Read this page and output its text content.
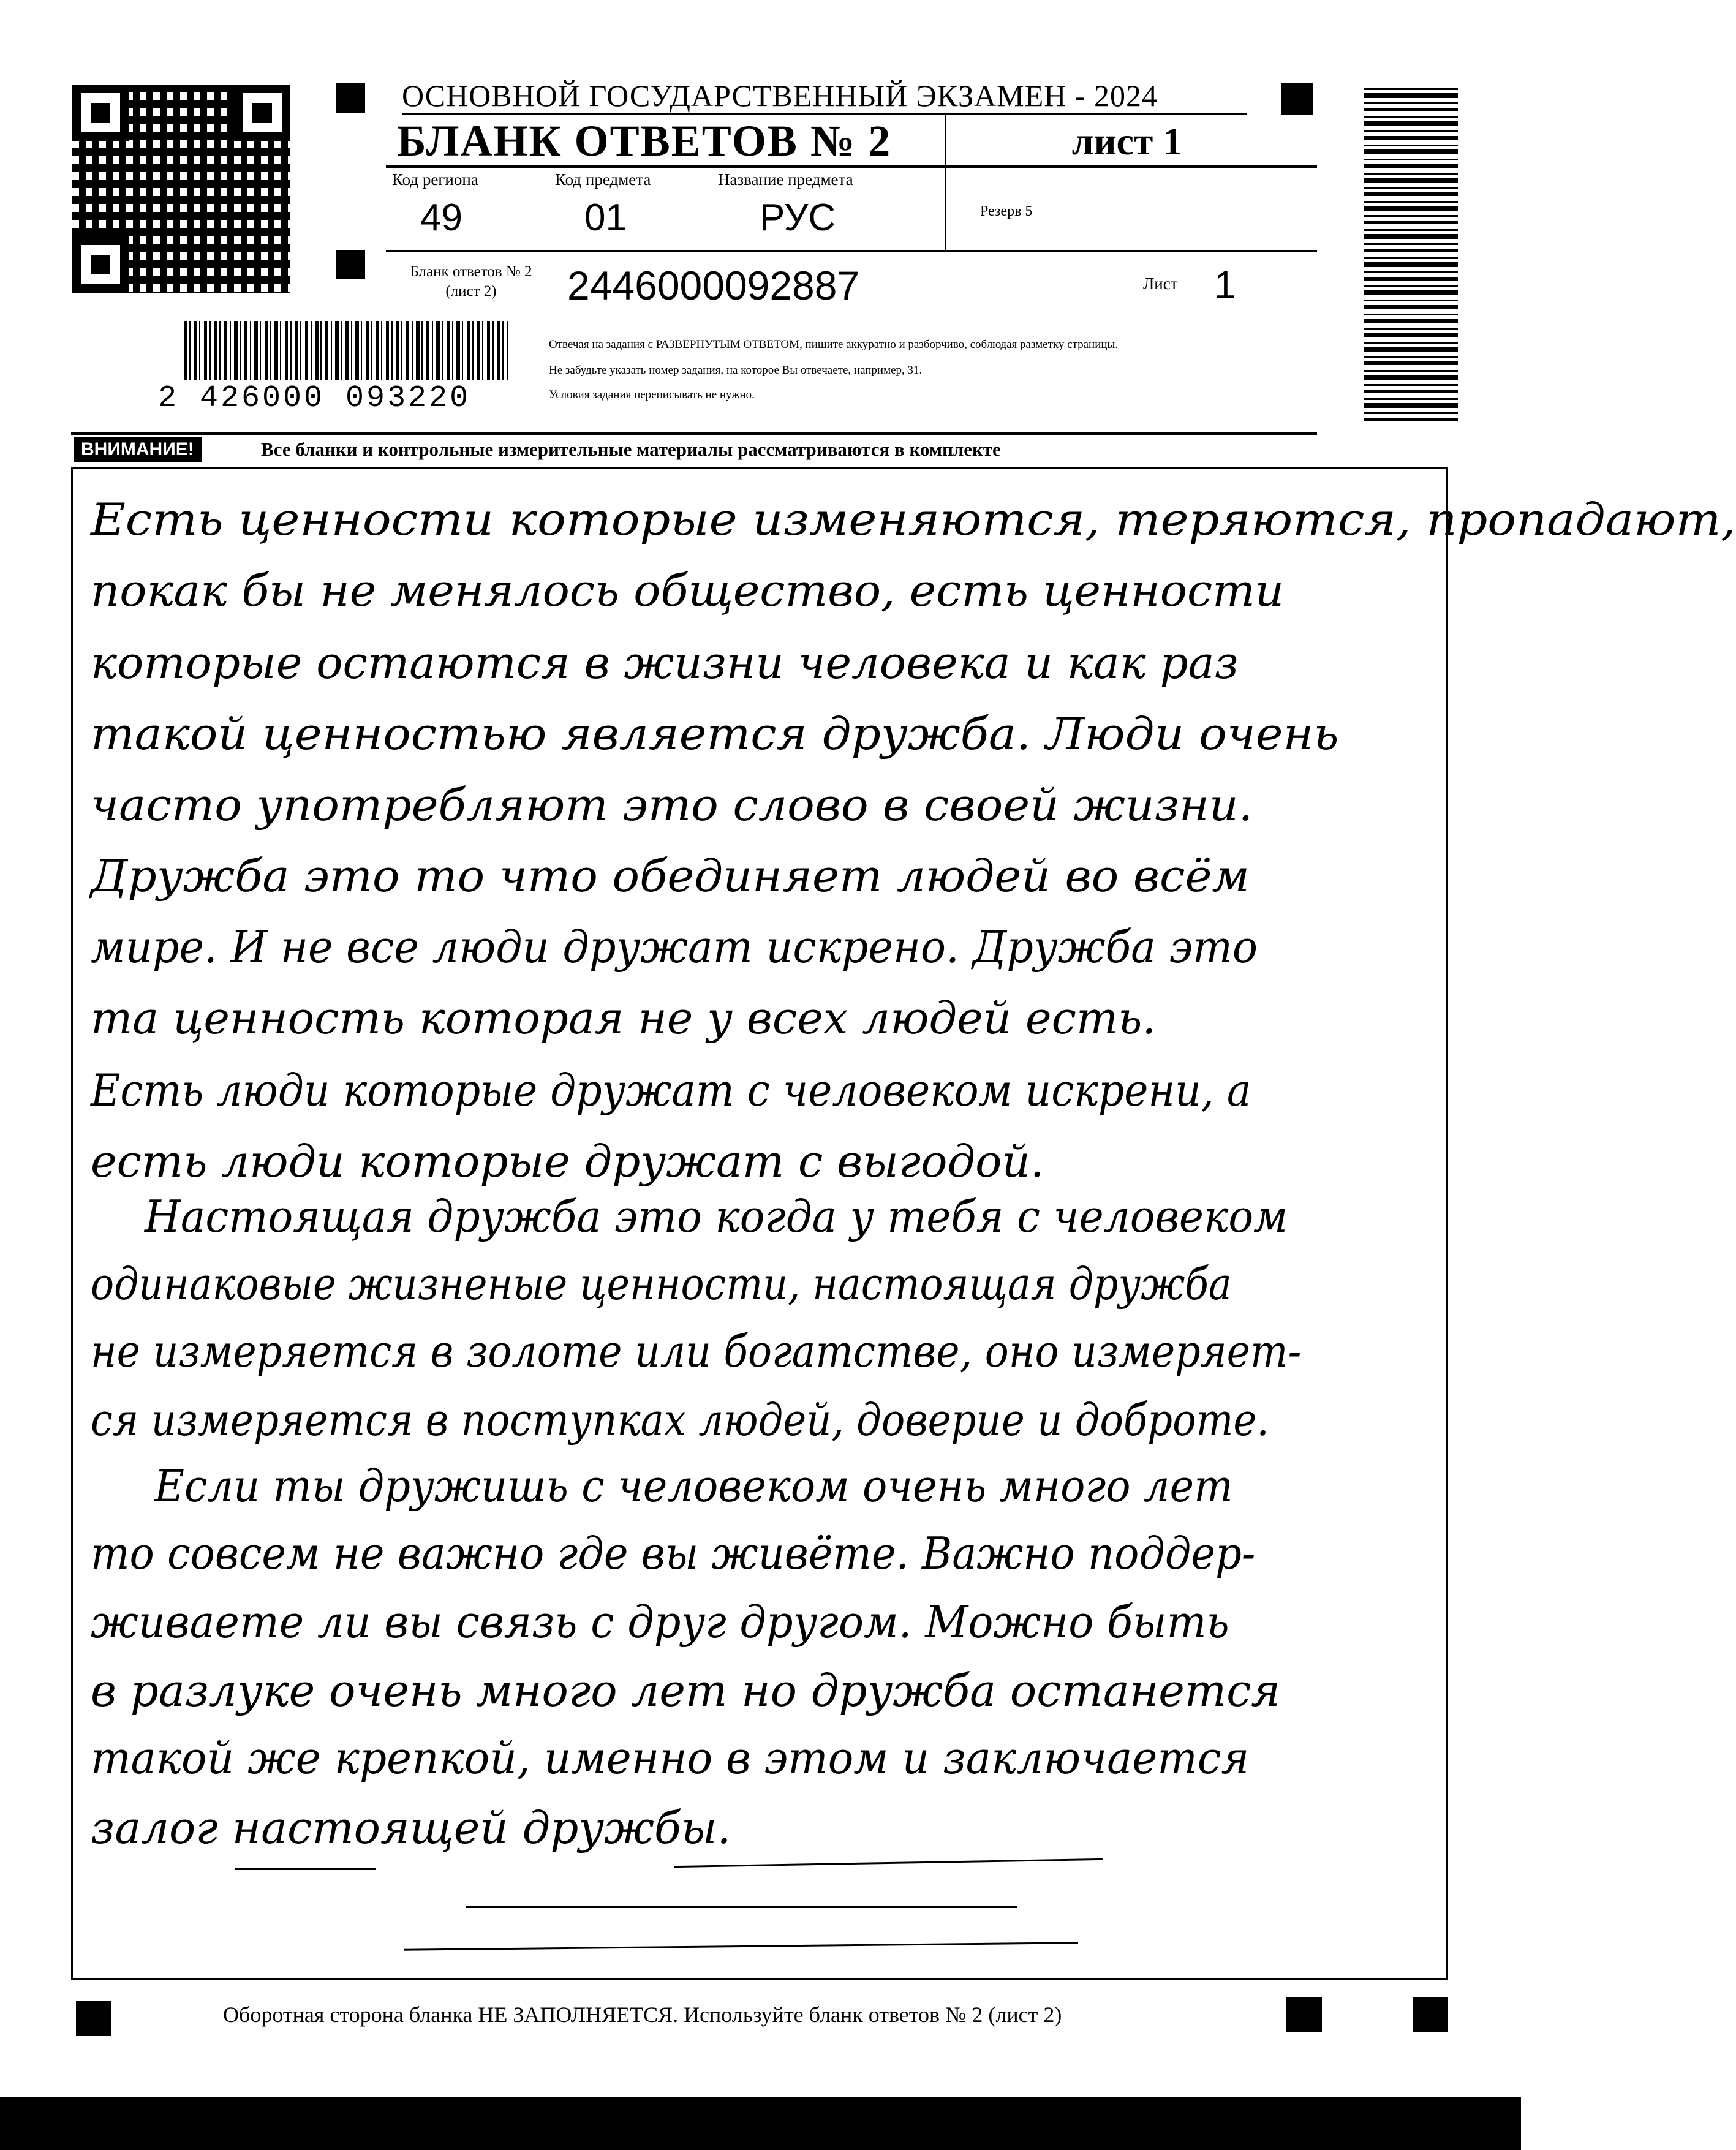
ОСНОВНОЙ ГОСУДАРСТВЕННЫЙ ЭКЗАМЕН - 2024
БЛАНК ОТВЕТОВ № 2	лист 1
Код региона	Код предмета	Название предмета
49	01	РУС	Резерв 5
Бланк ответов № 2
(лист 2)	2446000092887	Лист 1
2 426000 093220
Отвечая на задания с РАЗВЁРНУТЫМ ОТВЕТОМ, пишите аккуратно и разборчиво, соблюдая разметку страницы.
Не забудьте указать номер задания, на которое Вы отвечаете, например, 31.
Условия задания переписывать не нужно.
ВНИМАНИЕ!	Все бланки и контрольные измерительные материалы рассматриваются в комплекте
Есть ценности которые изменяются, теряются, пропадают,
покак бы не менялось общество, есть ценности
которые остаются в жизни человека и как раз
такой ценностью является дружба. Люди очень
часто употребляют это слово в своей жизни.
Дружба это то что обединяет людей во всём
мире. И не все люди дружат искрено. Дружба это
та ценность которая не у всех людей есть.
Есть люди которые дружат с человеком искрени, а
есть люди которые дружат с выгодой.
Настоящая дружба это когда у тебя с человеком
одинаковые жизненые ценности, настоящая дружба
не измеряется в золоте или богатстве, оно измеряет-
ся измеряется в поступках людей, доверие и доброте.
Если ты дружишь с человеком очень много лет
то совсем не важно где вы живёте. Важно поддер-
живаете ли вы связь с друг другом. Можно быть
в разлуке очень много лет но дружба останется
такой же крепкой, именно в этом и заключается
залог настоящей дружбы.
Оборотная сторона бланка НЕ ЗАПОЛНЯЕТСЯ. Используйте бланк ответов № 2 (лист 2)
